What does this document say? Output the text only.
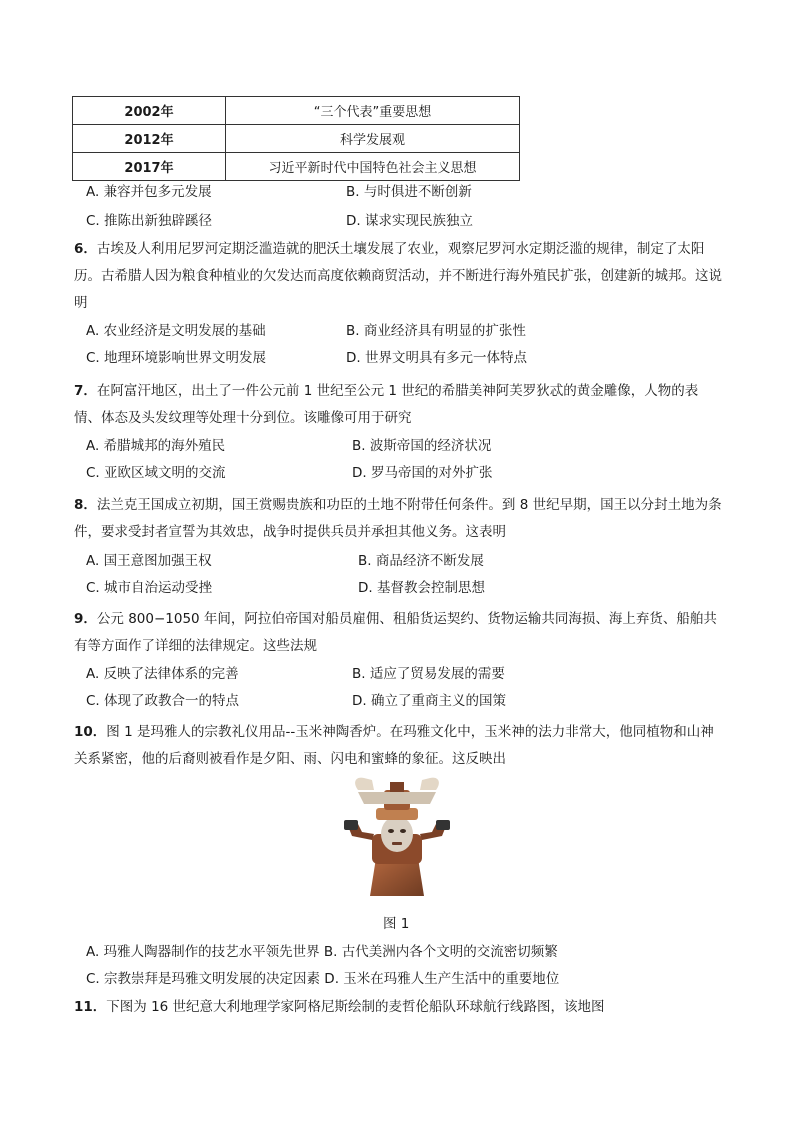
2002年	“三个代表”重要思想
2012年	科学发展观
2017年	习近平新时代中国特色社会主义思想
A. 兼容并包多元发展	B. 与时俱进不断创新
C. 推陈出新独辟蹊径	D. 谋求实现民族独立
6．古埃及人利用尼罗河定期泛滥造就的肥沃土壤发展了农业，观察尼罗河水定期泛滥的规律，制定了太阳历。古希腊人因为粮食种植业的欠发达而高度依赖商贸活动，并不断进行海外殖民扩张，创建新的城邦。这说明
A. 农业经济是文明发展的基础	B. 商业经济具有明显的扩张性
C. 地理环境影响世界文明发展	D. 世界文明具有多元一体特点
7．在阿富汗地区，出土了一件公元前 1 世纪至公元 1 世纪的希腊美神阿芙罗狄忒的黄金雕像，人物的表情、体态及头发纹理等处理十分到位。该雕像可用于研究
A. 希腊城邦的海外殖民	B. 波斯帝国的经济状况
C. 亚欧区域文明的交流	D. 罗马帝国的对外扩张
8．法兰克王国成立初期，国王赏赐贵族和功臣的土地不附带任何条件。到 8 世纪早期，国王以分封土地为条件，要求受封者宣誓为其效忠，战争时提供兵员并承担其他义务。这表明
A. 国王意图加强王权	B. 商品经济不断发展
C. 城市自治运动受挫	D. 基督教会控制思想
9．公元 800−1050 年间，阿拉伯帝国对船员雇佣、租船货运契约、货物运输共同海损、海上弃货、船舶共有等方面作了详细的法律规定。这些法规
A. 反映了法律体系的完善	B. 适应了贸易发展的需要
C. 体现了政教合一的特点	D. 确立了重商主义的国策
10．图 1 是玛雅人的宗教礼仪用品--玉米神陶香炉。在玛雅文化中，玉米神的法力非常大，他同植物和山神关系紧密，他的后裔则被看作是夕阳、雨、闪电和蜜蜂的象征。这反映出
图 1
A. 玛雅人陶器制作的技艺水平领先世界 B. 古代美洲内各个文明的交流密切频繁
C. 宗教崇拜是玛雅文明发展的决定因素 D. 玉米在玛雅人生产生活中的重要地位
11．下图为 16 世纪意大利地理学家阿格尼斯绘制的麦哲伦船队环球航行线路图，该地图
